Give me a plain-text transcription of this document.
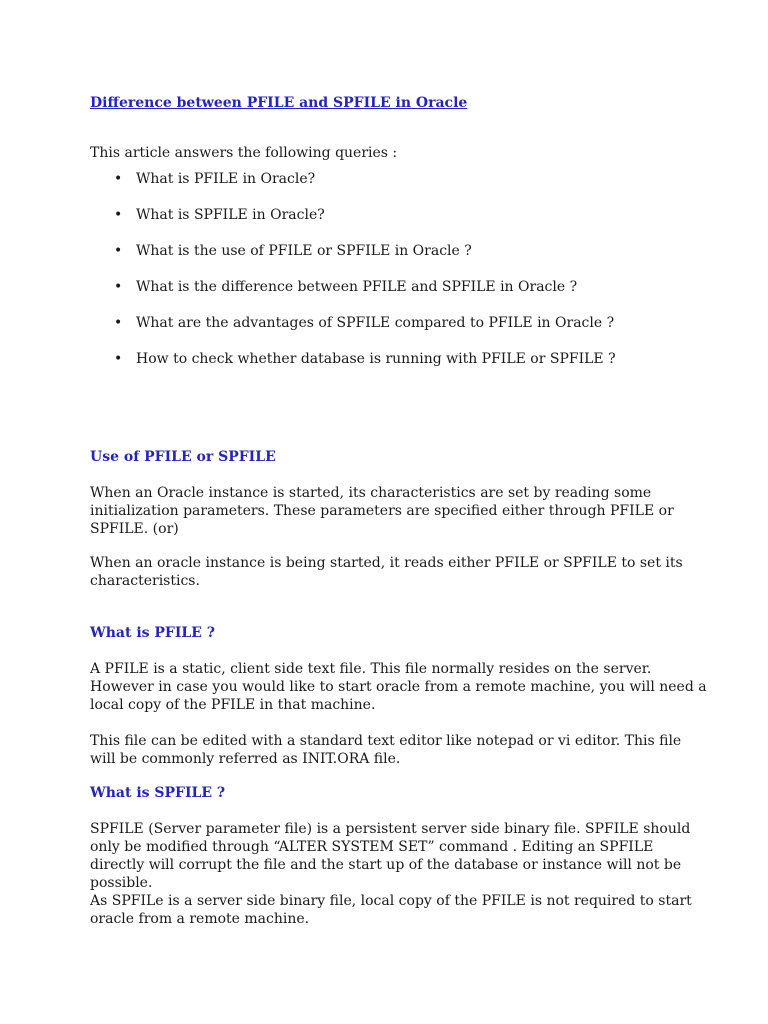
Difference between PFILE and SPFILE in Oracle
This article answers the following queries :
• What is PFILE in Oracle?
• What is SPFILE in Oracle?
• What is the use of PFILE or SPFILE in Oracle ?
• What is the difference between PFILE and SPFILE in Oracle ?
• What are the advantages of SPFILE compared to PFILE in Oracle ?
• How to check whether database is running with PFILE or SPFILE ?
Use of PFILE or SPFILE
When an Oracle instance is started, its characteristics are set by reading some initialization parameters. These parameters are specified either through PFILE or SPFILE. (or)
When an oracle instance is being started, it reads either PFILE or SPFILE to set its characteristics.
What is PFILE ?
A PFILE is a static, client side text file. This file normally resides on the server. However in case you would like to start oracle from a remote machine, you will need a local copy of the PFILE in that machine.
This file can be edited with a standard text editor like notepad or vi editor. This file will be commonly referred as INIT.ORA file.
What is SPFILE ?
SPFILE (Server parameter file) is a persistent server side binary file. SPFILE should only be modified through “ALTER SYSTEM SET” command . Editing an SPFILE directly will corrupt the file and the start up of the database or instance will not be possible.
As SPFILe is a server side binary file, local copy of the PFILE is not required to start oracle from a remote machine.
